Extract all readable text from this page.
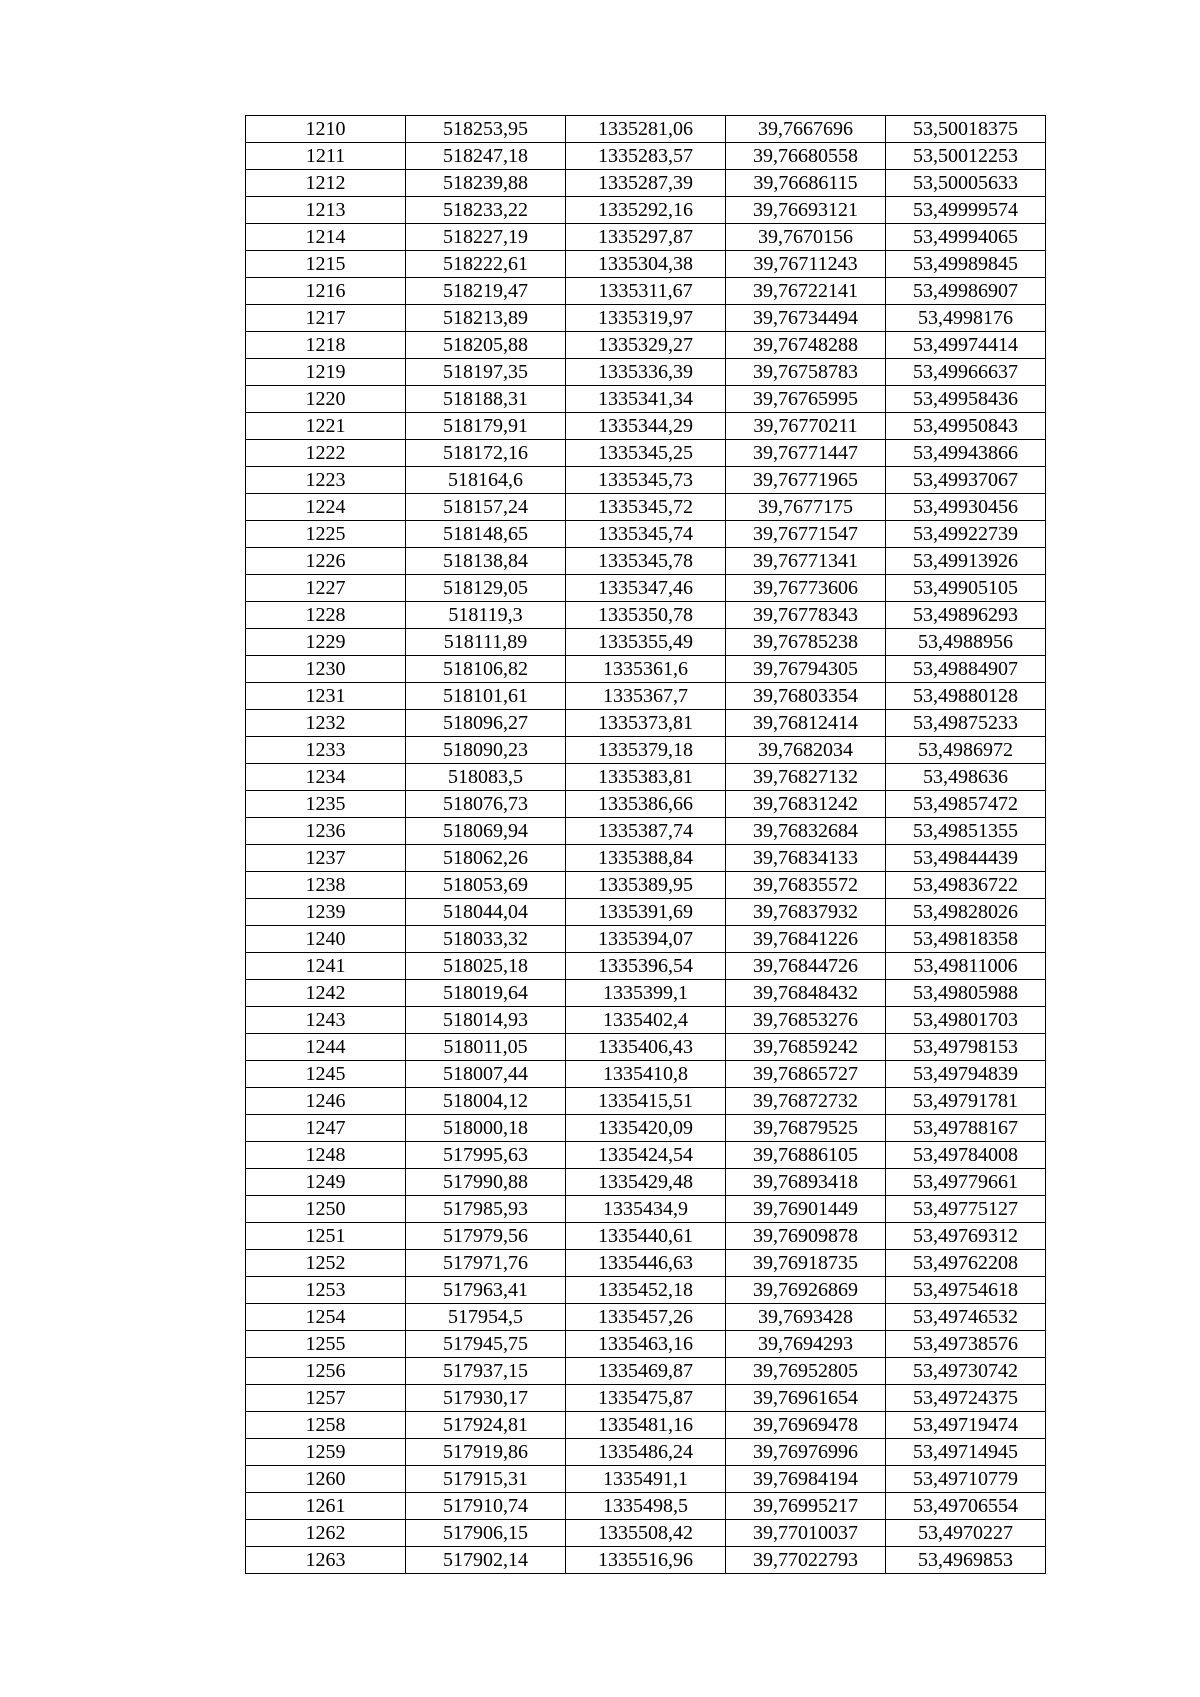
1210	518253,95	1335281,06	39,7667696	53,50018375
1211	518247,18	1335283,57	39,76680558	53,50012253
1212	518239,88	1335287,39	39,76686115	53,50005633
1213	518233,22	1335292,16	39,76693121	53,49999574
1214	518227,19	1335297,87	39,7670156	53,49994065
1215	518222,61	1335304,38	39,76711243	53,49989845
1216	518219,47	1335311,67	39,76722141	53,49986907
1217	518213,89	1335319,97	39,76734494	53,4998176
1218	518205,88	1335329,27	39,76748288	53,49974414
1219	518197,35	1335336,39	39,76758783	53,49966637
1220	518188,31	1335341,34	39,76765995	53,49958436
1221	518179,91	1335344,29	39,76770211	53,49950843
1222	518172,16	1335345,25	39,76771447	53,49943866
1223	518164,6	1335345,73	39,76771965	53,49937067
1224	518157,24	1335345,72	39,7677175	53,49930456
1225	518148,65	1335345,74	39,76771547	53,49922739
1226	518138,84	1335345,78	39,76771341	53,49913926
1227	518129,05	1335347,46	39,76773606	53,49905105
1228	518119,3	1335350,78	39,76778343	53,49896293
1229	518111,89	1335355,49	39,76785238	53,4988956
1230	518106,82	1335361,6	39,76794305	53,49884907
1231	518101,61	1335367,7	39,76803354	53,49880128
1232	518096,27	1335373,81	39,76812414	53,49875233
1233	518090,23	1335379,18	39,7682034	53,4986972
1234	518083,5	1335383,81	39,76827132	53,498636
1235	518076,73	1335386,66	39,76831242	53,49857472
1236	518069,94	1335387,74	39,76832684	53,49851355
1237	518062,26	1335388,84	39,76834133	53,49844439
1238	518053,69	1335389,95	39,76835572	53,49836722
1239	518044,04	1335391,69	39,76837932	53,49828026
1240	518033,32	1335394,07	39,76841226	53,49818358
1241	518025,18	1335396,54	39,76844726	53,49811006
1242	518019,64	1335399,1	39,76848432	53,49805988
1243	518014,93	1335402,4	39,76853276	53,49801703
1244	518011,05	1335406,43	39,76859242	53,49798153
1245	518007,44	1335410,8	39,76865727	53,49794839
1246	518004,12	1335415,51	39,76872732	53,49791781
1247	518000,18	1335420,09	39,76879525	53,49788167
1248	517995,63	1335424,54	39,76886105	53,49784008
1249	517990,88	1335429,48	39,76893418	53,49779661
1250	517985,93	1335434,9	39,76901449	53,49775127
1251	517979,56	1335440,61	39,76909878	53,49769312
1252	517971,76	1335446,63	39,76918735	53,49762208
1253	517963,41	1335452,18	39,76926869	53,49754618
1254	517954,5	1335457,26	39,7693428	53,49746532
1255	517945,75	1335463,16	39,7694293	53,49738576
1256	517937,15	1335469,87	39,76952805	53,49730742
1257	517930,17	1335475,87	39,76961654	53,49724375
1258	517924,81	1335481,16	39,76969478	53,49719474
1259	517919,86	1335486,24	39,76976996	53,49714945
1260	517915,31	1335491,1	39,76984194	53,49710779
1261	517910,74	1335498,5	39,76995217	53,49706554
1262	517906,15	1335508,42	39,77010037	53,4970227
1263	517902,14	1335516,96	39,77022793	53,4969853
